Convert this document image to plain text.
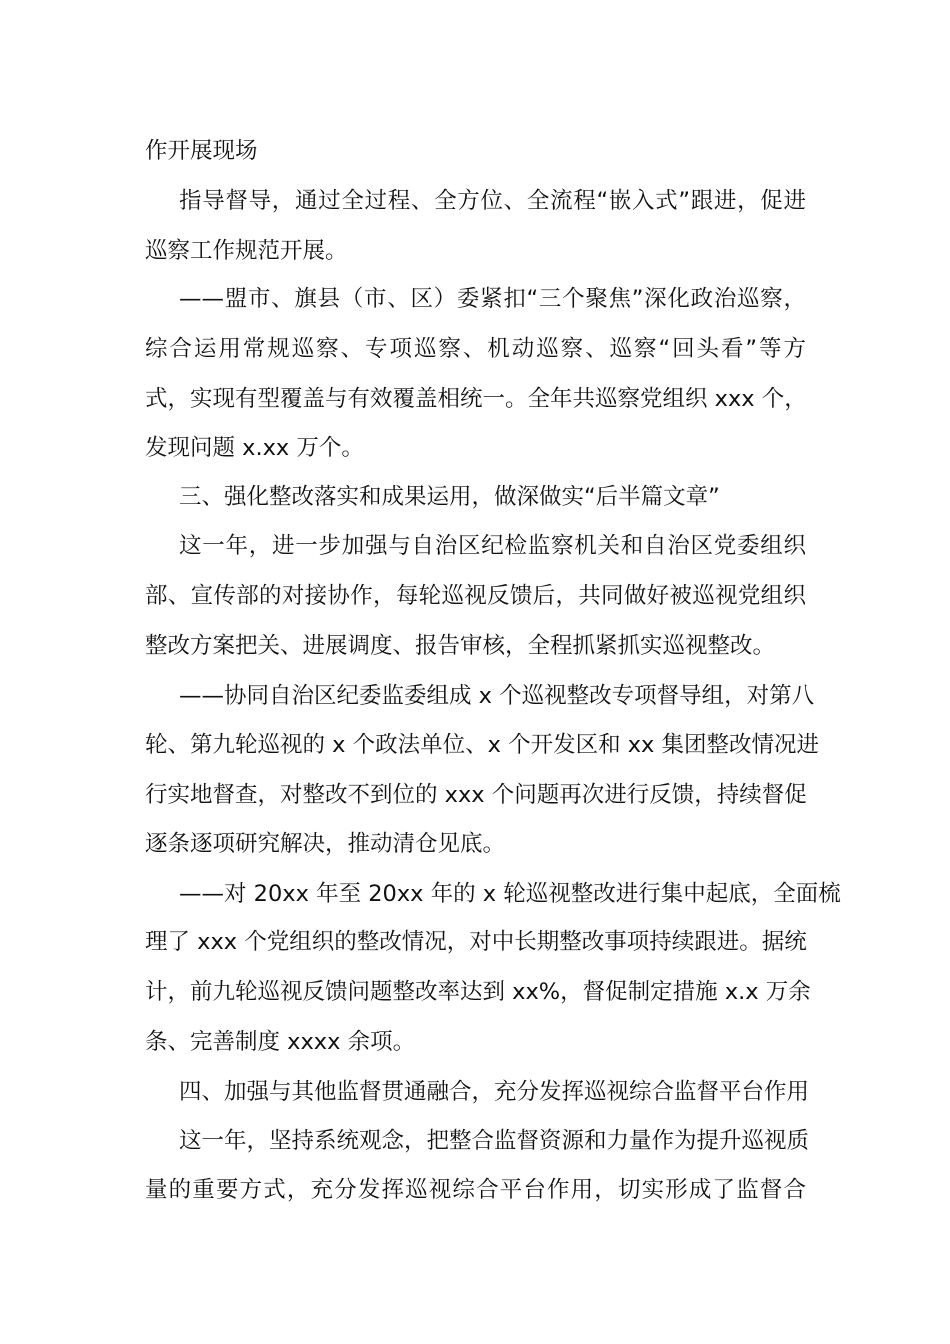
作开展现场
指导督导，通过全过程、全方位、全流程“嵌入式”跟进，促进
巡察工作规范开展。
——盟市、旗县（市、区）委紧扣“三个聚焦”深化政治巡察，
综合运用常规巡察、专项巡察、机动巡察、巡察“回头看”等方
式，实现有型覆盖与有效覆盖相统一。全年共巡察党组织 xxx 个，
发现问题 x.xx 万个。
三、强化整改落实和成果运用，做深做实“后半篇文章”
这一年，进一步加强与自治区纪检监察机关和自治区党委组织
部、宣传部的对接协作，每轮巡视反馈后，共同做好被巡视党组织
整改方案把关、进展调度、报告审核，全程抓紧抓实巡视整改。
——协同自治区纪委监委组成 x 个巡视整改专项督导组，对第八
轮、第九轮巡视的 x 个政法单位、x 个开发区和 xx 集团整改情况进
行实地督查，对整改不到位的 xxx 个问题再次进行反馈，持续督促
逐条逐项研究解决，推动清仓见底。
——对 20xx 年至 20xx 年的 x 轮巡视整改进行集中起底，全面梳
理了 xxx 个党组织的整改情况，对中长期整改事项持续跟进。据统
计，前九轮巡视反馈问题整改率达到 xx%，督促制定措施 x.x 万余
条、完善制度 xxxx 余项。
四、加强与其他监督贯通融合，充分发挥巡视综合监督平台作用
这一年，坚持系统观念，把整合监督资源和力量作为提升巡视质
量的重要方式，充分发挥巡视综合平台作用，切实形成了监督合
